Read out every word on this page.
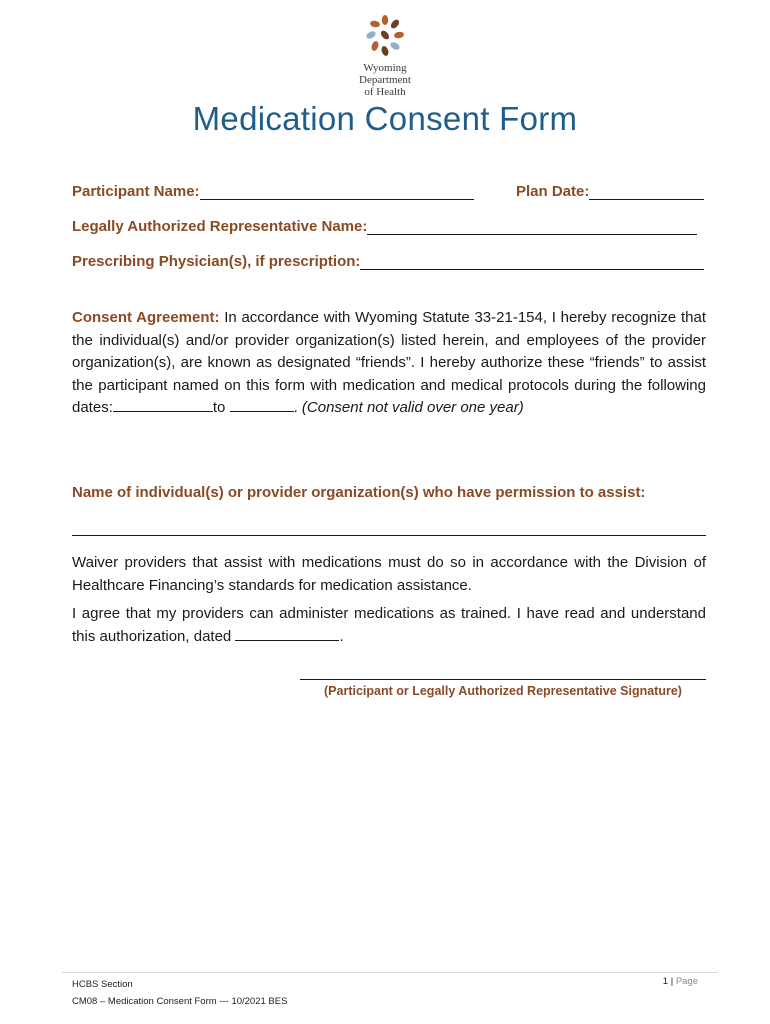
Wyoming
Department
of Health
Medication Consent Form
Participant Name:	Plan Date:
Legally Authorized Representative Name:
Prescribing Physician(s), if prescription:
Consent Agreement: In accordance with Wyoming Statute 33-21-154, I hereby recognize that the individual(s) and/or provider organization(s) listed herein, and employees of the provider organization(s), are known as designated “friends”. I hereby authorize these “friends” to assist the participant named on this form with medication and medical protocols during the following dates:	to	. (Consent not valid over one year)
Name of individual(s) or provider organization(s) who have permission to assist:
Waiver providers that assist with medications must do so in accordance with the Division of Healthcare Financing’s standards for medication assistance.
I agree that my providers can administer medications as trained. I have read and understand this authorization, dated	.
(Participant or Legally Authorized Representative Signature)
HCBS Section
CM08 – Medication Consent Form --- 10/2021 BES
1 | Page
